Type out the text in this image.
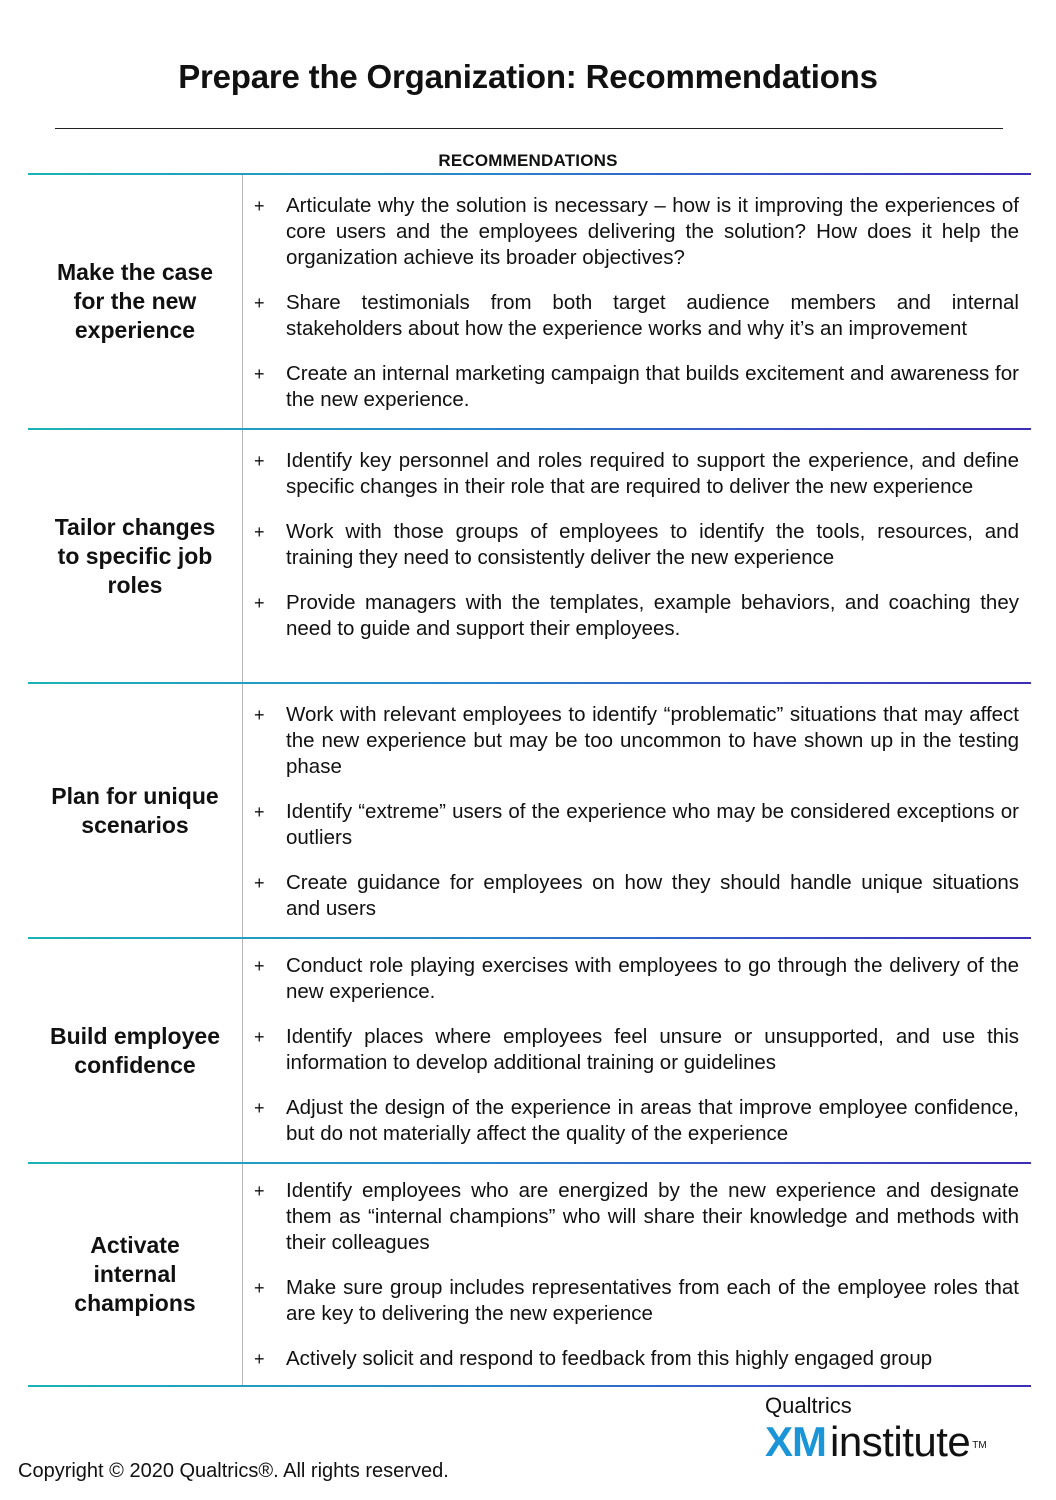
Prepare the Organization: Recommendations
RECOMMENDATIONS
Make the case for the new experience
+ Articulate why the solution is necessary – how is it improving the experiences of core users and the employees delivering the solution? How does it help the organization achieve its broader objectives?
+ Share testimonials from both target audience members and internal stakeholders about how the experience works and why it’s an improvement
+ Create an internal marketing campaign that builds excitement and awareness for the new experience.
Tailor changes to specific job roles
+ Identify key personnel and roles required to support the experience, and define specific changes in their role that are required to deliver the new experience
+ Work with those groups of employees to identify the tools, resources, and training they need to consistently deliver the new experience
+ Provide managers with the templates, example behaviors, and coaching they need to guide and support their employees.
Plan for unique scenarios
+ Work with relevant employees to identify “problematic” situations that may affect the new experience but may be too uncommon to have shown up in the testing phase
+ Identify “extreme” users of the experience who may be considered exceptions or outliers
+ Create guidance for employees on how they should handle unique situations and users
Build employee confidence
+ Conduct role playing exercises with employees to go through the delivery of the new experience.
+ Identify places where employees feel unsure or unsupported, and use this information to develop additional training or guidelines
+ Adjust the design of the experience in areas that improve employee confidence, but do not materially affect the quality of the experience
Activate internal champions
+ Identify employees who are energized by the new experience and designate them as “internal champions” who will share their knowledge and methods with their colleagues
+ Make sure group includes representatives from each of the employee roles that are key to delivering the new experience
+ Actively solicit and respond to feedback from this highly engaged group
Qualtrics
XM institute TM
Copyright © 2020 Qualtrics®. All rights reserved.
